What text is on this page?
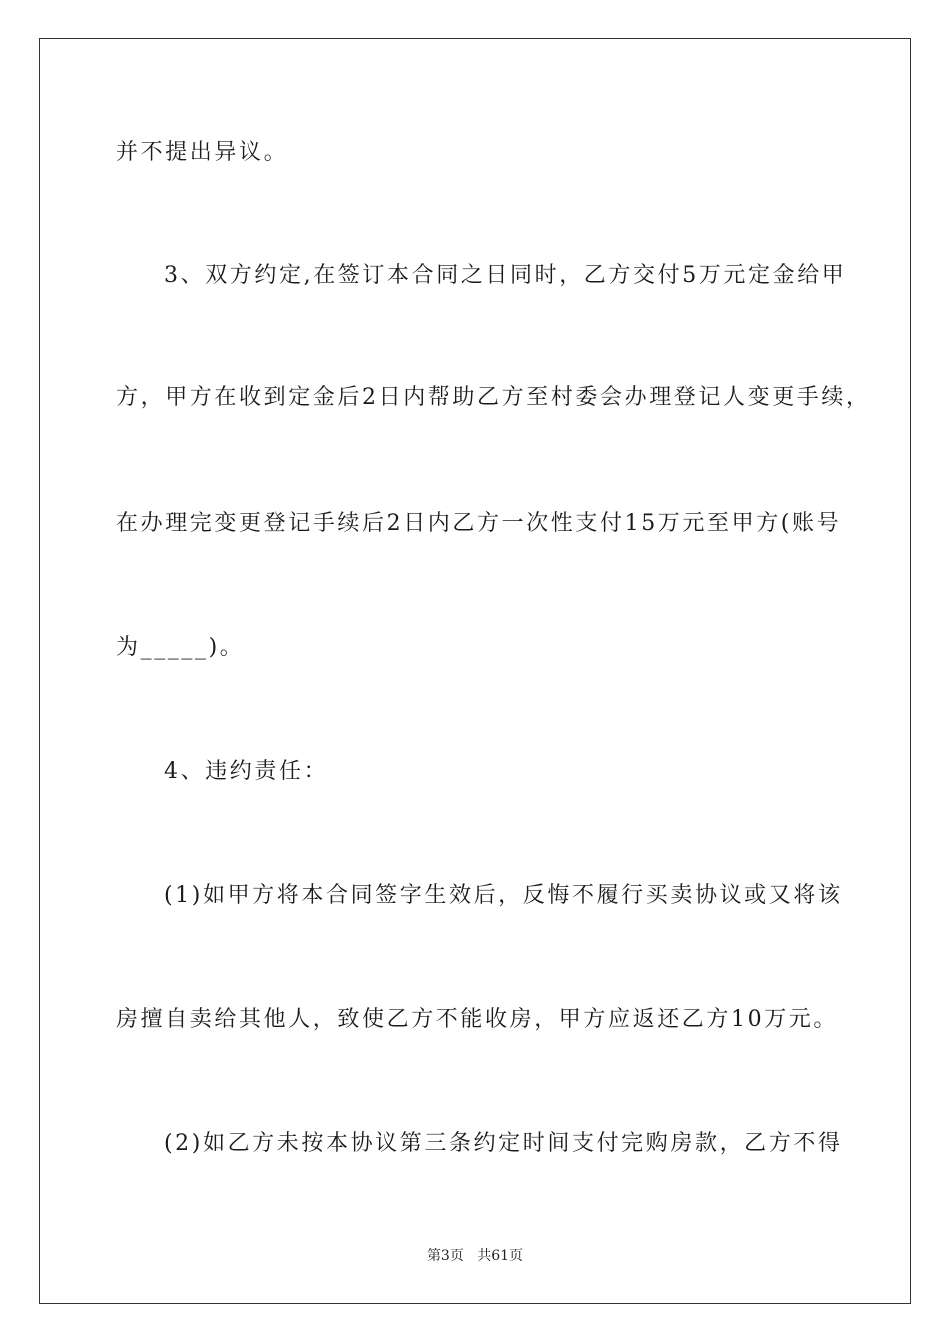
并不提出异议。
3、双方约定,在签订本合同之日同时，乙方交付5万元定金给甲
方，甲方在收到定金后2日内帮助乙方至村委会办理登记人变更手续，
在办理完变更登记手续后2日内乙方一次性支付15万元至甲方(账号
为_____)。
4、违约责任：
(1)如甲方将本合同签字生效后，反悔不履行买卖协议或又将该
房擅自卖给其他人，致使乙方不能收房，甲方应返还乙方10万元。
(2)如乙方未按本协议第三条约定时间支付完购房款，乙方不得
第3页 共61页
